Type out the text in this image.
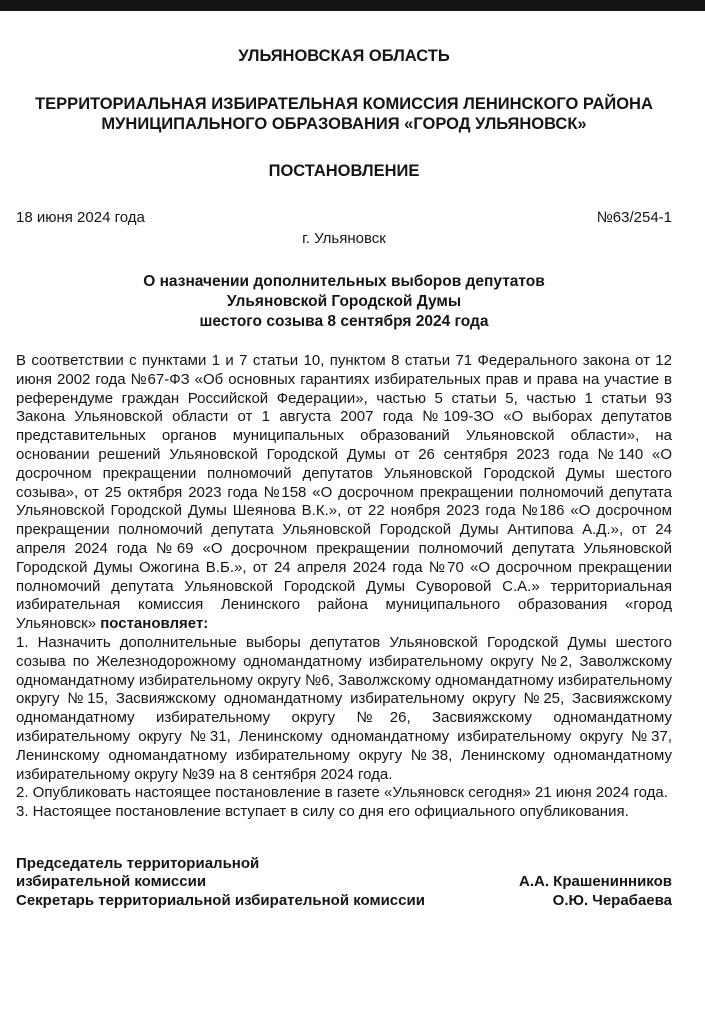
УЛЬЯНОВСКАЯ ОБЛАСТЬ

ТЕРРИТОРИАЛЬНАЯ ИЗБИРАТЕЛЬНАЯ КОМИССИЯ ЛЕНИНСКОГО РАЙОНА

МУНИЦИПАЛЬНОГО ОБРАЗОВАНИЯ «ГОРОД УЛЬЯНОВСК»

ПОСТАНОВЛЕНИЕ

18 июня 2024 года	№63/254-1
г. Ульяновск
О назначении дополнительных выборов депутатов
Ульяновской Городской Думы
шестого созыва 8 сентября 2024 года

В соответствии с пунктами 1 и 7 статьи 10, пунктом 8 статьи 71 Федерального закона от 12 июня 2002 года №67-ФЗ «Об основных гарантиях избирательных прав и права на участие в референдуме граждан Российской Федерации», частью 5 статьи 5, частью 1 статьи 93 Закона Ульяновской области от 1 августа 2007 года №109-ЗО «О выборах депутатов представительных органов муниципальных образований Ульяновской области», на основании решений Ульяновской Городской Думы от 26 сентября 2023 года №140 «О досрочном прекращении полномочий депутатов Ульяновской Городской Думы шестого созыва», от 25 октября 2023 года №158 «О досрочном прекращении полномочий депутата Ульяновской Городской Думы Шеянова В.К.», от 22 ноября 2023 года №186 «О досрочном прекращении полномочий депутата Ульяновской Городской Думы Антипова А.Д.», от 24 апреля 2024 года №69 «О досрочном прекращении полномочий депутата Ульяновской Городской Думы Ожогина В.Б.», от 24 апреля 2024 года №70 «О досрочном прекращении полномочий депутата Ульяновской Городской Думы Суворовой С.А.» территориальная избирательная комиссия Ленинского района муниципального образования «город Ульяновск» постановляет:

1. Назначить дополнительные выборы депутатов Ульяновской Городской Думы шестого созыва по Железнодорожному одномандатному избирательному округу №2, Заволжскому одномандатному избирательному округу №6, Заволжскому одномандатному избирательному округу №15, Засвияжскому одномандатному избирательному округу №25, Засвияжскому одномандатному избирательному округу №26, Засвияжскому одномандатному избирательному округу №31, Ленинскому одномандатному избирательному округу №37, Ленинскому одномандатному избирательному округу №38, Ленинскому одномандатному избирательному округу №39 на 8 сентября 2024 года.

2. Опубликовать настоящее постановление в газете «Ульяновск сегодня» 21 июня 2024 года.

3. Настоящее постановление вступает в силу со дня его официального опубликования.

Председатель территориальной
избирательной комиссии	А.А. Крашенинников
Секретарь территориальной избирательной комиссии	О.Ю. Черабаева
